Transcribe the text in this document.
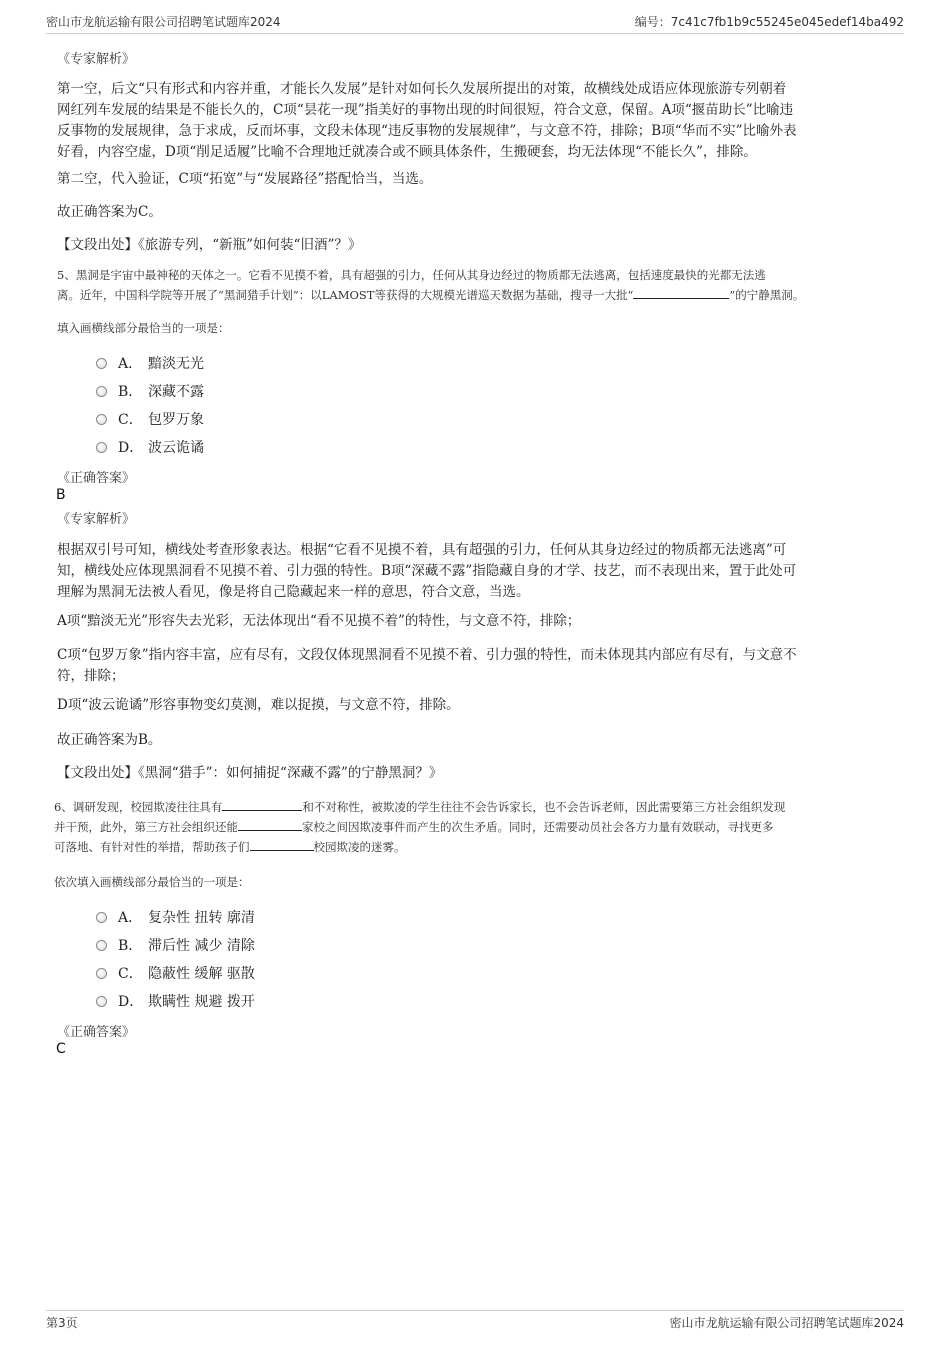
密山市龙航运输有限公司招聘笔试题库2024	编号：7c41c7fb1b9c55245e045edef14ba492
《专家解析》
第一空，后文“只有形式和内容并重，才能长久发展”是针对如何长久发展所提出的对策，故横线处成语应体现旅游专列朝着
网红列车发展的结果是不能长久的，C项“昙花一现”指美好的事物出现的时间很短，符合文意，保留。A项“揠苗助长”比喻违
反事物的发展规律，急于求成，反而坏事，文段未体现“违反事物的发展规律”，与文意不符，排除；B项“华而不实”比喻外表
好看，内容空虚，D项“削足适履”比喻不合理地迁就凑合或不顾具体条件，生搬硬套，均无法体现“不能长久”，排除。
第二空，代入验证，C项“拓宽”与“发展路径”搭配恰当，当选。
故正确答案为C。
【文段出处】《旅游专列，“新瓶”如何装“旧酒”？》
5、黑洞是宇宙中最神秘的天体之一。它看不见摸不着，具有超强的引力，任何从其身边经过的物质都无法逃离，包括速度最快的光都无法逃
离。近年，中国科学院等开展了“黑洞猎手计划”：以LAMOST等获得的大规模光谱巡天数据为基础，搜寻一大批“	”的宁静黑洞。
填入画横线部分最恰当的一项是：
A． 黯淡无光
B． 深藏不露
C． 包罗万象
D． 波云诡谲
《正确答案》
B
《专家解析》
根据双引号可知，横线处考查形象表达。根据“它看不见摸不着，具有超强的引力，任何从其身边经过的物质都无法逃离”可
知，横线处应体现黑洞看不见摸不着、引力强的特性。B项“深藏不露”指隐藏自身的才学、技艺，而不表现出来，置于此处可
理解为黑洞无法被人看见，像是将自己隐藏起来一样的意思，符合文意，当选。
A项“黯淡无光”形容失去光彩，无法体现出“看不见摸不着”的特性，与文意不符，排除；
C项“包罗万象”指内容丰富，应有尽有，文段仅体现黑洞看不见摸不着、引力强的特性，而未体现其内部应有尽有，与文意不
符，排除；
D项“波云诡谲”形容事物变幻莫测，难以捉摸，与文意不符，排除。
故正确答案为B。
【文段出处】《黑洞“猎手”：如何捕捉“深藏不露”的宁静黑洞？》
6、调研发现，校园欺凌往往具有	和不对称性，被欺凌的学生往往不会告诉家长，也不会告诉老师，因此需要第三方社会组织发现
并干预，此外，第三方社会组织还能	家校之间因欺凌事件而产生的次生矛盾。同时，还需要动员社会各方力量有效联动，寻找更多
可落地、有针对性的举措，帮助孩子们	校园欺凌的迷雾。
依次填入画横线部分最恰当的一项是：
A． 复杂性 扭转 廓清
B． 滞后性 减少 清除
C． 隐蔽性 缓解 驱散
D． 欺瞒性 规避 拨开
《正确答案》
C
第3页	密山市龙航运输有限公司招聘笔试题库2024
